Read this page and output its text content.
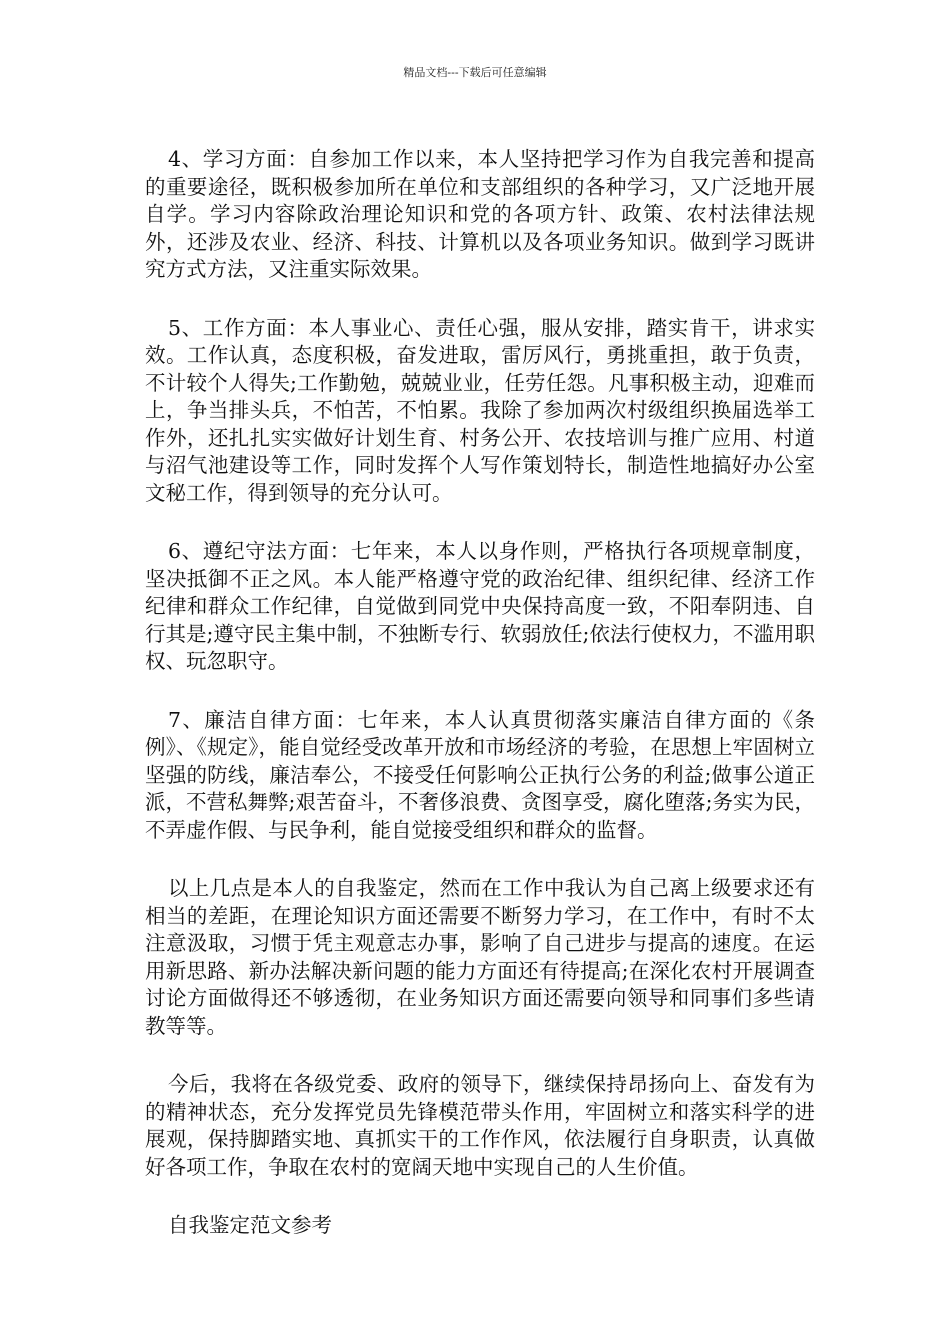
精品文档---下载后可任意编辑

4、学习方面：自参加工作以来，本人坚持把学习作为自我完善和提高的重要途径，既积极参加所在单位和支部组织的各种学习，又广泛地开展自学。学习内容除政治理论知识和党的各项方针、政策、农村法律法规外，还涉及农业、经济、科技、计算机以及各项业务知识。做到学习既讲究方式方法，又注重实际效果。

5、工作方面：本人事业心、责任心强，服从安排，踏实肯干，讲求实效。工作认真，态度积极，奋发进取，雷厉风行，勇挑重担，敢于负责，不计较个人得失;工作勤勉，兢兢业业，任劳任怨。凡事积极主动，迎难而上，争当排头兵，不怕苦，不怕累。我除了参加两次村级组织换届选举工作外，还扎扎实实做好计划生育、村务公开、农技培训与推广应用、村道与沼气池建设等工作，同时发挥个人写作策划特长，制造性地搞好办公室文秘工作，得到领导的充分认可。

6、遵纪守法方面：七年来，本人以身作则，严格执行各项规章制度，坚决抵御不正之风。本人能严格遵守党的政治纪律、组织纪律、经济工作纪律和群众工作纪律，自觉做到同党中央保持高度一致，不阳奉阴违、自行其是;遵守民主集中制，不独断专行、软弱放任;依法行使权力，不滥用职权、玩忽职守。

7、廉洁自律方面：七年来，本人认真贯彻落实廉洁自律方面的《条例》、《规定》，能自觉经受改革开放和市场经济的考验，在思想上牢固树立坚强的防线，廉洁奉公，不接受任何影响公正执行公务的利益;做事公道正派，不营私舞弊;艰苦奋斗，不奢侈浪费、贪图享受，腐化堕落;务实为民，不弄虚作假、与民争利，能自觉接受组织和群众的监督。

以上几点是本人的自我鉴定，然而在工作中我认为自己离上级要求还有相当的差距，在理论知识方面还需要不断努力学习，在工作中，有时不太注意汲取，习惯于凭主观意志办事，影响了自己进步与提高的速度。在运用新思路、新办法解决新问题的能力方面还有待提高;在深化农村开展调查讨论方面做得还不够透彻，在业务知识方面还需要向领导和同事们多些请教等等。

今后，我将在各级党委、政府的领导下，继续保持昂扬向上、奋发有为的精神状态，充分发挥党员先锋模范带头作用，牢固树立和落实科学的进展观，保持脚踏实地、真抓实干的工作作风，依法履行自身职责，认真做好各项工作，争取在农村的宽阔天地中实现自己的人生价值。

自我鉴定范文参考
